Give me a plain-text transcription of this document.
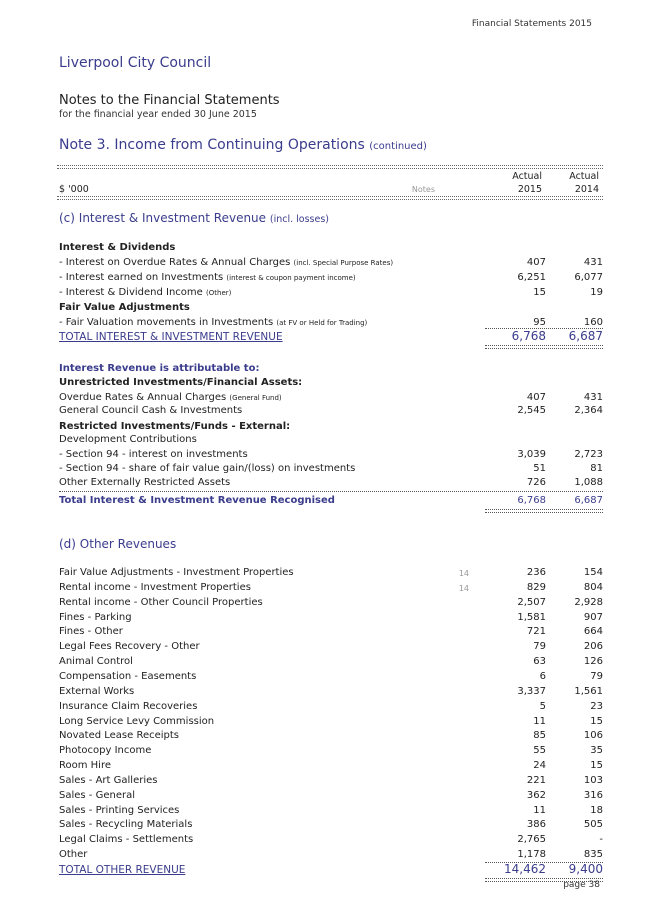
Financial Statements 2015
Liverpool City Council
Notes to the Financial Statements
for the financial year ended 30 June 2015
Note 3. Income from Continuing Operations (continued)
Actual	Actual
$ '000	Notes	2015	2014
(c) Interest & Investment Revenue (incl. losses)
Interest & Dividends
- Interest on Overdue Rates & Annual Charges (incl. Special Purpose Rates)	407	431
- Interest earned on Investments (interest & coupon payment income)	6,251	6,077
- Interest & Dividend Income (Other)	15	19
Fair Value Adjustments
- Fair Valuation movements in Investments (at FV or Held for Trading)	95	160
TOTAL INTEREST & INVESTMENT REVENUE	6,768	6,687
Interest Revenue is attributable to:
Unrestricted Investments/Financial Assets:
Overdue Rates & Annual Charges (General Fund)	407	431
General Council Cash & Investments	2,545	2,364
Restricted Investments/Funds - External:
Development Contributions
- Section 94 - interest on investments	3,039	2,723
- Section 94 - share of fair value gain/(loss) on investments	51	81
Other Externally Restricted Assets	726	1,088
Total Interest & Investment Revenue Recognised	6,768	6,687
(d) Other Revenues
Fair Value Adjustments - Investment Properties	14	236	154
Rental income - Investment Properties	14	829	804
Rental income - Other Council Properties	2,507	2,928
Fines - Parking	1,581	907
Fines - Other	721	664
Legal Fees Recovery - Other	79	206
Animal Control	63	126
Compensation - Easements	6	79
External Works	3,337	1,561
Insurance Claim Recoveries	5	23
Long Service Levy Commission	11	15
Novated Lease Receipts	85	106
Photocopy Income	55	35
Room Hire	24	15
Sales - Art Galleries	221	103
Sales - General	362	316
Sales - Printing Services	11	18
Sales - Recycling Materials	386	505
Legal Claims - Settlements	2,765	-
Other	1,178	835
TOTAL OTHER REVENUE	14,462	9,400
page 38
